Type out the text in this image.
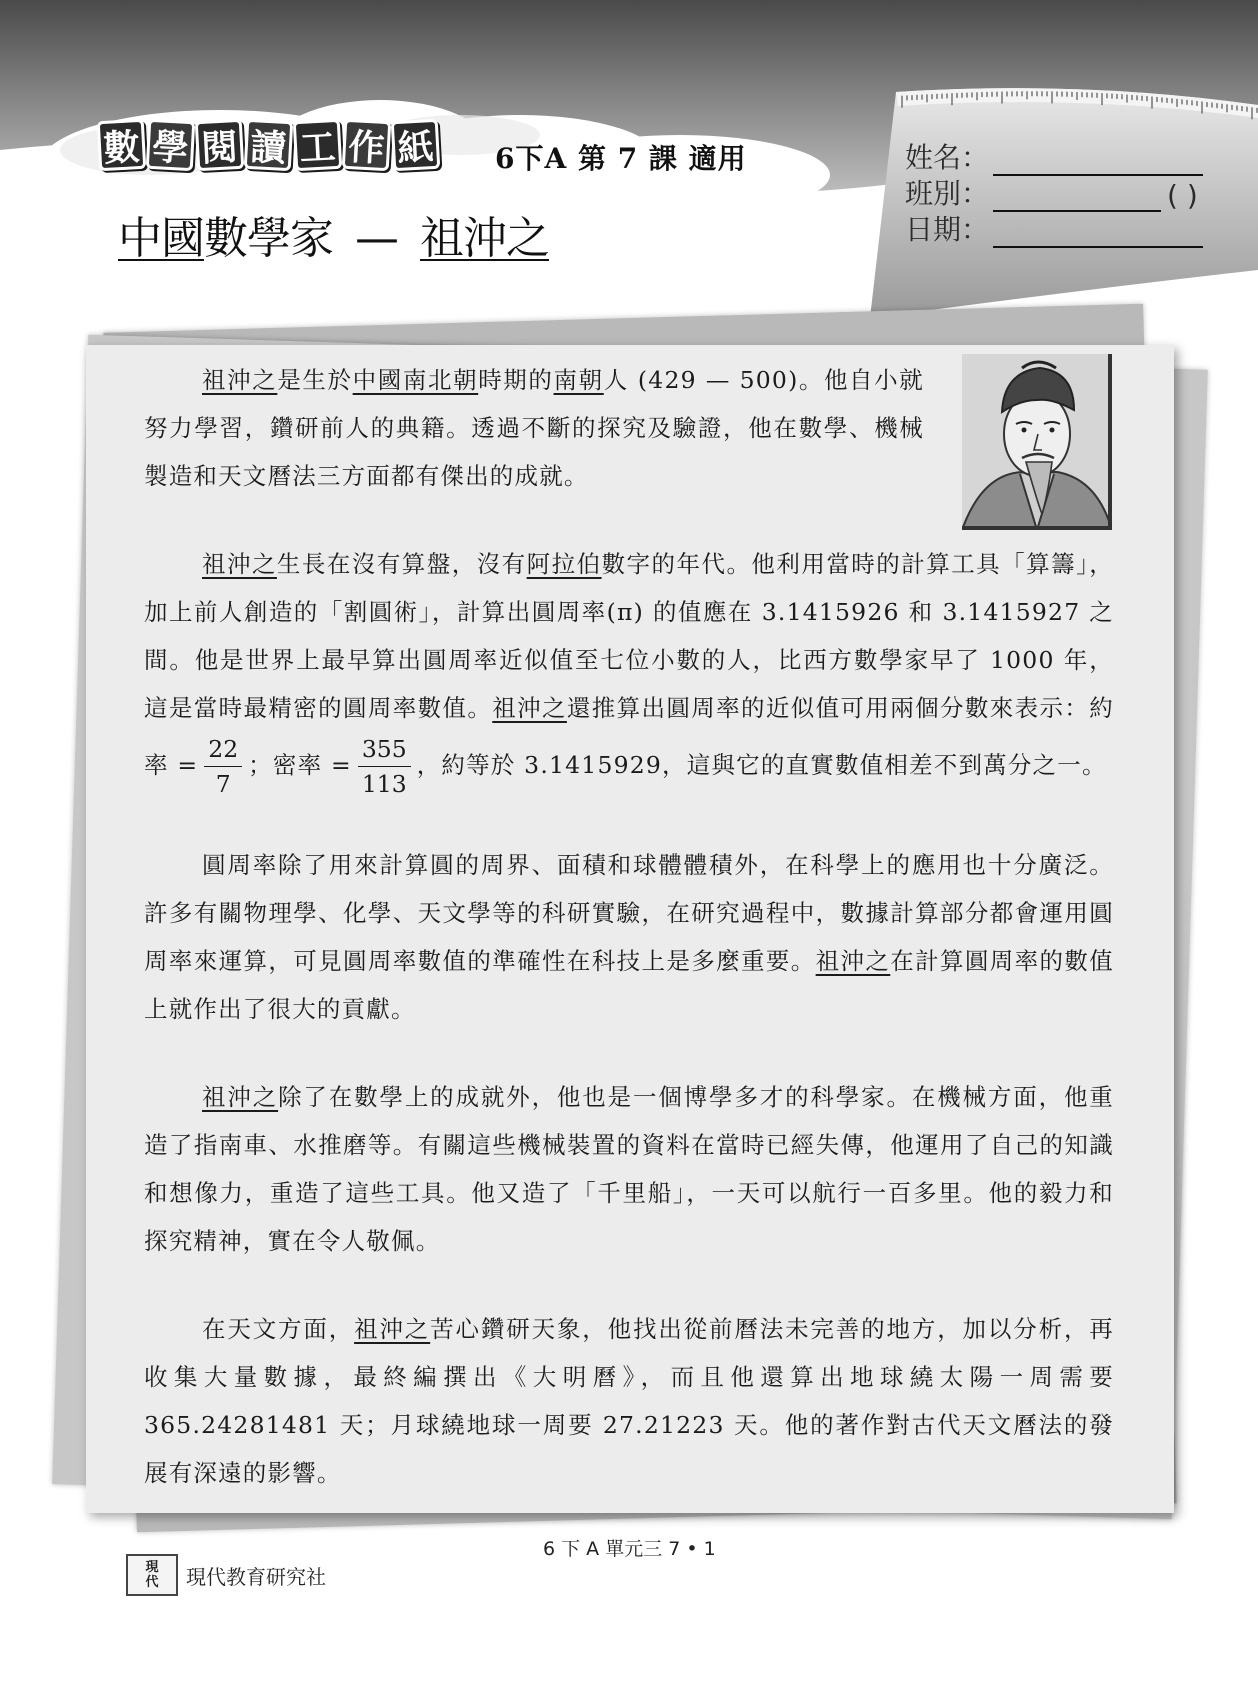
數 學 閱 讀 工 作 紙 6下A 第 7 課 適用
中國數學家 — 祖沖之
姓名：
班別：	( )
日期：

祖沖之是生於中國南北朝時期的南朝人 (429 — 500)。他自小就努力學習，鑽研前人的典籍。透過不斷的探究及驗證，他在數學、機械製造和天文曆法三方面都有傑出的成就。

祖沖之生長在沒有算盤，沒有阿拉伯數字的年代。他利用當時的計算工具「算籌」，加上前人創造的「割圓術」，計算出圓周率(π) 的值應在 3.1415926 和 3.1415927 之間。他是世界上最早算出圓周率近似值至七位小數的人，比西方數學家早了 1000 年，這是當時最精密的圓周率數值。祖沖之還推算出圓周率的近似值可用兩個分數來表示：約率 = $\frac{22}{7}$ ；密率 = $\frac{355}{113}$ ，約等於 3.1415929，這與它的直實數值相差不到萬分之一。

圓周率除了用來計算圓的周界、面積和球體體積外，在科學上的應用也十分廣泛。許多有關物理學、化學、天文學等的科研實驗，在研究過程中，數據計算部分都會運用圓周率來運算，可見圓周率數值的準確性在科技上是多麼重要。祖沖之在計算圓周率的數值上就作出了很大的貢獻。

祖沖之除了在數學上的成就外，他也是一個博學多才的科學家。在機械方面，他重造了指南車、水推磨等。有關這些機械裝置的資料在當時已經失傳，他運用了自己的知識和想像力，重造了這些工具。他又造了「千里船」，一天可以航行一百多里。他的毅力和探究精神，實在令人敬佩。

在天文方面，祖沖之苦心鑽研天象，他找出從前曆法未完善的地方，加以分析，再收集大量數據，最終編撰出《大明曆》，而且他還算出地球繞太陽一周需要 365.24281481 天；月球繞地球一周要 27.21223 天。他的著作對古代天文曆法的發展有深遠的影響。

6 下 A 單元三 7 • 1
現
代 現代教育研究社
